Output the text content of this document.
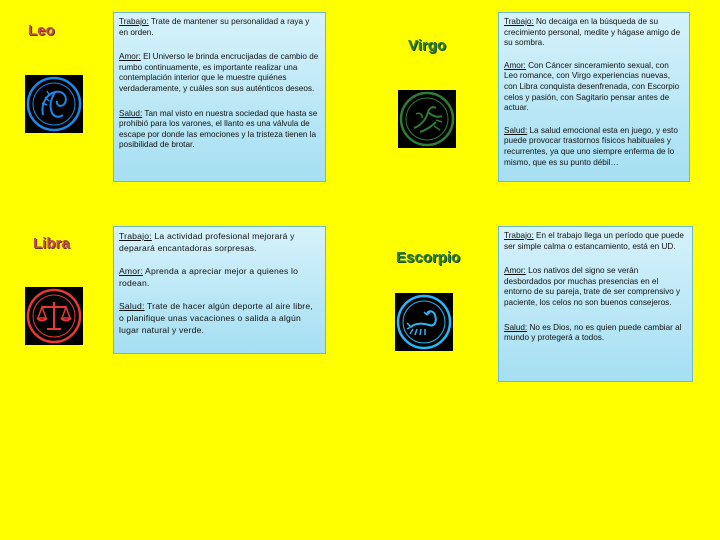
Leo

Trabajo: Trate de mantener su personalidad a raya y en orden.

Amor: El Universo le brinda encrucijadas de cambio de rumbo continuamente, es importante realizar una contemplación interior que le muestre quiénes verdaderamente, y cuáles son sus auténticos deseos.

Salud: Tan mal visto en nuestra sociedad que hasta se prohibió para los varones, el llanto es una válvula de escape por donde las emociones y la tristeza tienen la posibilidad de brotar.

Virgo

Trabajo: No decaiga en la búsqueda de su crecimiento personal, medite y hágase amigo de su sombra.

Amor: Con Cáncer sinceramiento sexual, con Leo romance, con Virgo experiencias nuevas, con Libra conquista desenfrenada, con Escorpio celos y pasión, con Sagitario pensar antes de actuar.

Salud: La salud emocional esta en juego, y esto puede provocar trastornos físicos habituales y recurrentes, ya que uno siempre enferma de lo mismo, que es su punto débil…

Libra	Trabajo: La actividad profesional mejorará y deparará encantadoras sorpresas.

Amor: Aprenda a apreciar mejor a quienes lo rodean.

Salud: Trate de hacer algún deporte al aire libre, o planifique unas vacaciones o salida a algún lugar natural y verde.

Escorpio

Trabajo: En el trabajo llega un período que puede ser simple calma o estancamiento, está en UD.

Amor: Los nativos del signo se verán desbordados por muchas presencias en el entorno de su pareja, trate de ser comprensivo y paciente, los celos no son buenos consejeros.

Salud: No es Dios, no es quien puede cambiar al mundo y protegerá a todos.
